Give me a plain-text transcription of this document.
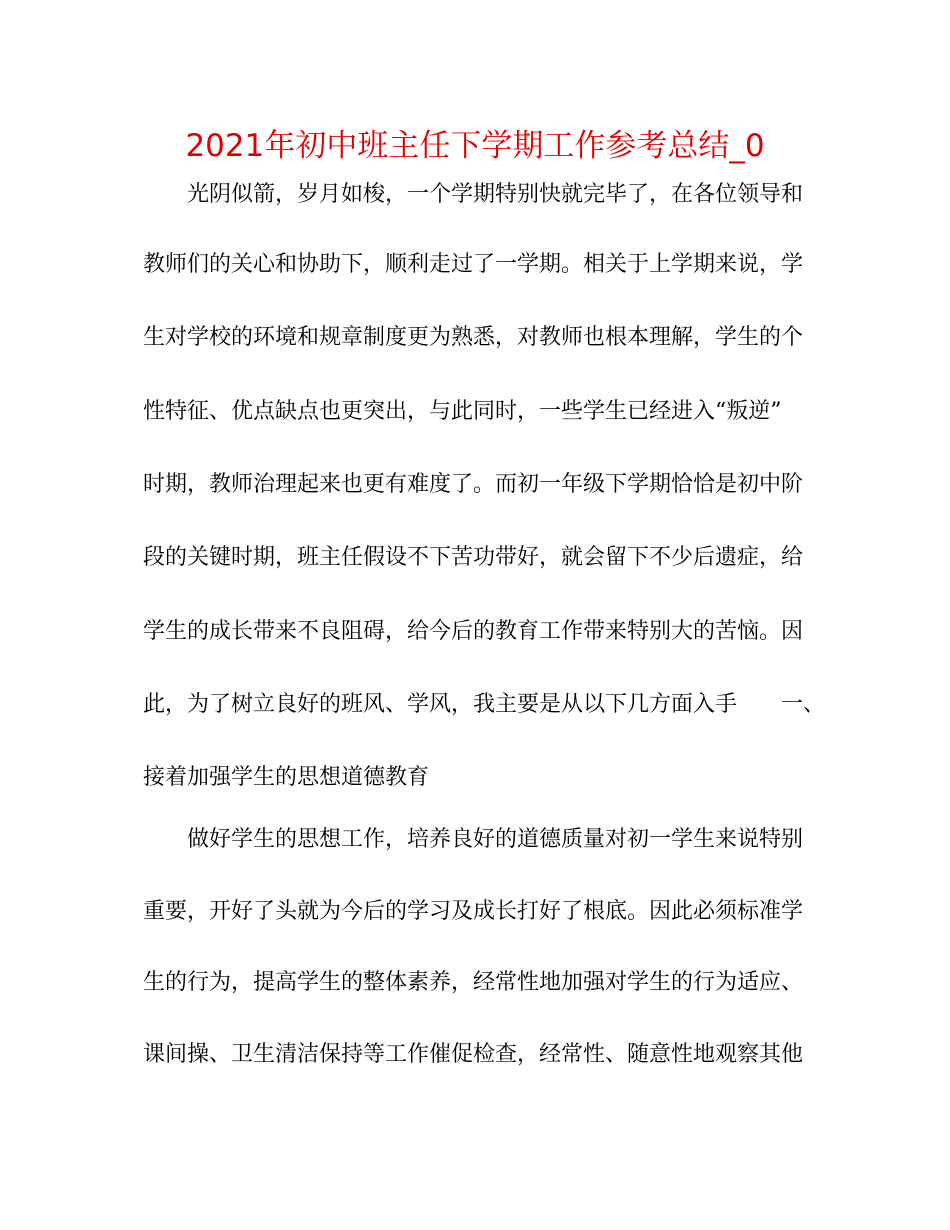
2021年初中班主任下学期工作参考总结_0
光阴似箭，岁月如梭，一个学期特别快就完毕了，在各位领导和
教师们的关心和协助下，顺利走过了一学期。相关于上学期来说，学
生对学校的环境和规章制度更为熟悉，对教师也根本理解，学生的个
性特征、优点缺点也更突出，与此同时，一些学生已经进入“叛逆”
时期，教师治理起来也更有难度了。而初一年级下学期恰恰是初中阶
段的关键时期，班主任假设不下苦功带好，就会留下不少后遗症，给
学生的成长带来不良阻碍，给今后的教育工作带来特别大的苦恼。因
此，为了树立良好的班风、学风，我主要是从以下几方面入手　　一、
接着加强学生的思想道德教育
做好学生的思想工作，培养良好的道德质量对初一学生来说特别
重要，开好了头就为今后的学习及成长打好了根底。因此必须标准学
生的行为，提高学生的整体素养，经常性地加强对学生的行为适应、
课间操、卫生清洁保持等工作催促检查，经常性、随意性地观察其他
